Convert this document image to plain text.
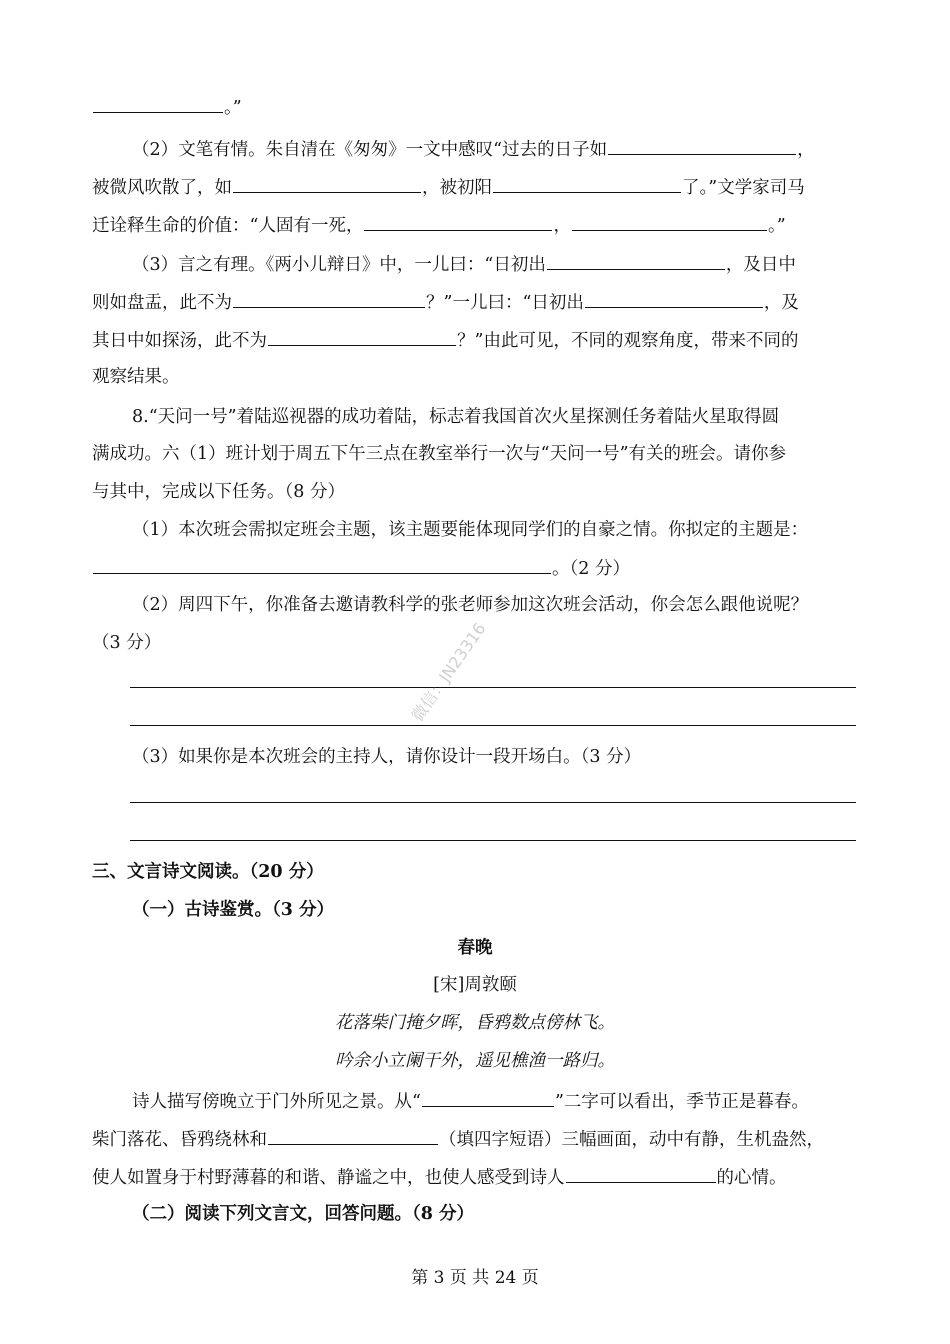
。”
（2）文笔有情。朱自清在《匆匆》一文中感叹“过去的日子如	，
被微风吹散了，如	，被初阳	了。”文学家司马
迁诠释生命的价值：“人固有一死，	，	。”
（3）言之有理。《两小儿辩日》中，一儿曰：“日初出	，及日中
则如盘盂，此不为	？”一儿曰：“日初出	，及
其日中如探汤，此不为	？”由此可见，不同的观察角度，带来不同的
观察结果。
8.“天问一号”着陆巡视器的成功着陆，标志着我国首次火星探测任务着陆火星取得圆
满成功。六（1）班计划于周五下午三点在教室举行一次与“天问一号”有关的班会。请你参
与其中，完成以下任务。（8 分）
（1）本次班会需拟定班会主题，该主题要能体现同学们的自豪之情。你拟定的主题是：
。（2 分）
（2）周四下午，你准备去邀请教科学的张老师参加这次班会活动，你会怎么跟他说呢？
（3 分）
（3）如果你是本次班会的主持人，请你设计一段开场白。（3 分）
微信：JN23316
三、文言诗文阅读。（20 分）
（一）古诗鉴赏。（3 分）
春晚
[宋]周敦颐
花落柴门掩夕晖，昏鸦数点傍林飞。
吟余小立阑干外，遥见樵渔一路归。
诗人描写傍晚立于门外所见之景。从“	”二字可以看出，季节正是暮春。
柴门落花、昏鸦绕林和	（填四字短语）三幅画面，动中有静，生机盎然，
使人如置身于村野薄暮的和谐、静谧之中，也使人感受到诗人	的心情。
（二）阅读下列文言文，回答问题。（8 分）
第 3 页 共 24 页
